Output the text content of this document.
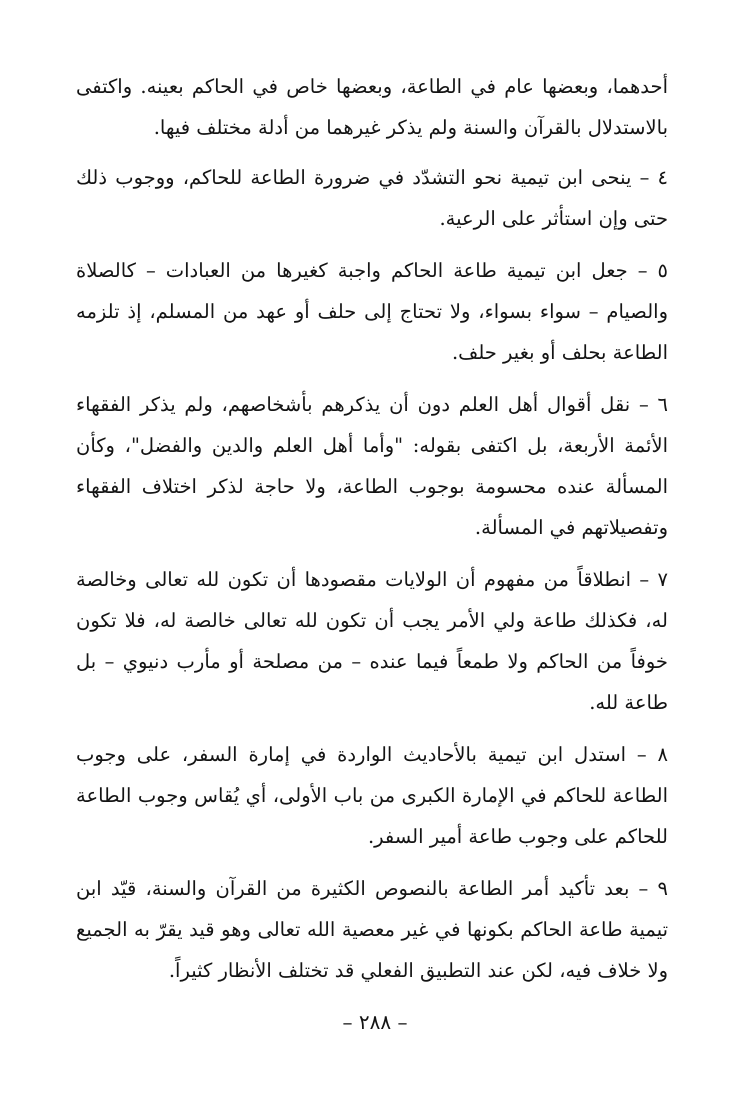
أحدهما، وبعضها عام في الطاعة، وبعضها خاص في الحاكم بعينه. واكتفى بالاستدلال بالقرآن والسنة ولم يذكر غيرهما من أدلة مختلف فيها.

٤ – ينحى ابن تيمية نحو التشدّد في ضرورة الطاعة للحاكم، ووجوب ذلك حتى وإن استأثر على الرعية.

٥ – جعل ابن تيمية طاعة الحاكم واجبة كغيرها من العبادات – كالصلاة والصيام – سواء بسواء، ولا تحتاج إلى حلف أو عهد من المسلم، إذ تلزمه الطاعة بحلف أو بغير حلف.

٦ – نقل أقوال أهل العلم دون أن يذكرهم بأشخاصهم، ولم يذكر الفقهاء الأئمة الأربعة، بل اكتفى بقوله: "وأما أهل العلم والدين والفضل"، وكأن المسألة عنده محسومة بوجوب الطاعة، ولا حاجة لذكر اختلاف الفقهاء وتفصيلاتهم في المسألة.

٧ – انطلاقاً من مفهوم أن الولايات مقصودها أن تكون لله تعالى وخالصة له، فكذلك طاعة ولي الأمر يجب أن تكون لله تعالى خالصة له، فلا تكون خوفاً من الحاكم ولا طمعاً فيما عنده – من مصلحة أو مأرب دنيوي – بل طاعة لله.

٨ – استدل ابن تيمية بالأحاديث الواردة في إمارة السفر، على وجوب الطاعة للحاكم في الإمارة الكبرى من باب الأولى، أي يُقاس وجوب الطاعة للحاكم على وجوب طاعة أمير السفر.

٩ – بعد تأكيد أمر الطاعة بالنصوص الكثيرة من القرآن والسنة، قيّد ابن تيمية طاعة الحاكم بكونها في غير معصية الله تعالى وهو قيد يقرّ به الجميع ولا خلاف فيه، لكن عند التطبيق الفعلي قد تختلف الأنظار كثيراً.

– ٢٨٨ –
